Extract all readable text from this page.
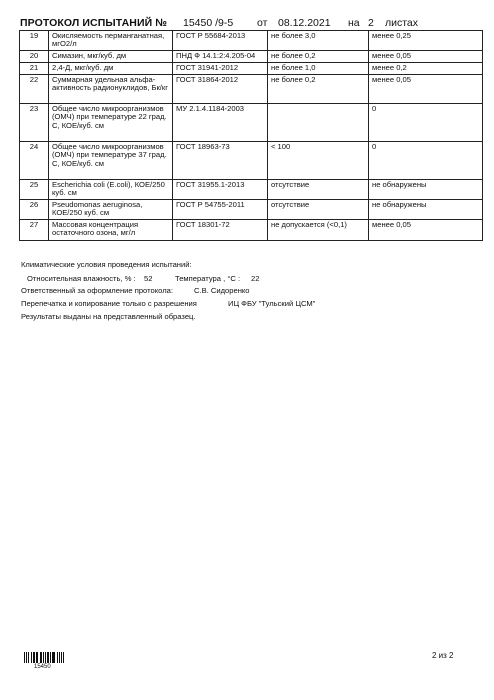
ПРОТОКОЛ ИСПЫТАНИЙ № 15450 /9-5 от 08.12.2021 на 2 листах
19	Окисляемость перманганатная, мгО2/л	ГОСТ Р 55684-2013	не более 3,0	менее 0,25
20	Симазин, мкг/куб. дм	ПНД Ф 14.1:2:4.205-04	не более 0,2	менее 0,05
21	2,4-Д, мкг/куб. дм	ГОСТ 31941-2012	не более 1,0	менее 0,2
22	Суммарная удельная альфа-активность радионуклидов, Бк/кг	ГОСТ 31864-2012	не более 0,2	менее 0,05
23	Общее число микроорганизмов (ОМЧ) при температуре 22 град. С, КОЕ/куб. см	МУ 2.1.4.1184-2003		0
24	Общее число микроорганизмов (ОМЧ) при температуре 37 град. С, КОЕ/куб. см	ГОСТ 18963-73	< 100	0
25	Escherichia coli (E.coli), КОЕ/250 куб. см	ГОСТ 31955.1-2013	отсутствие	не обнаружены
26	Pseudomonas aeruginosa, КОЕ/250 куб. см	ГОСТ Р 54755-2011	отсутствие	не обнаружены
27	Массовая концентрация остаточного озона, мг/л	ГОСТ 18301-72	не допускается (<0,1)	менее 0,05
Климатические условия проведения испытаний:
Относительная влажность, % : 52	Температура , °С : 22
Ответственный за оформление протокола:	С.В. Сидоренко
Перепечатка и копирование только с разрешения	ИЦ ФБУ "Тульский ЦСМ"
Результаты выданы на представленный образец.
15450
2 из 2
